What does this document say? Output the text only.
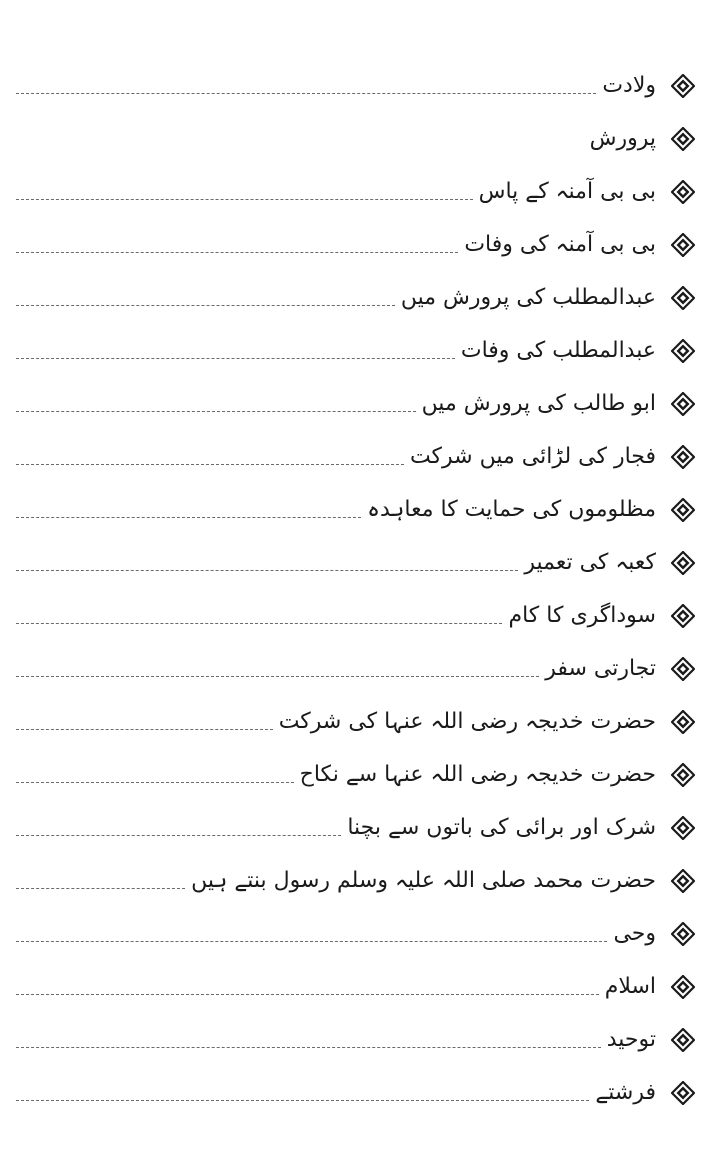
ولادت
پرورش
بی بی آمنہ کے پاس
بی بی آمنہ کی وفات
عبدالمطلب کی پرورش میں
عبدالمطلب کی وفات
ابو طالب کی پرورش میں
فجار کی لڑائی میں شرکت
مظلوموں کی حمایت کا معاہدہ
کعبہ کی تعمیر
سوداگری کا کام
تجارتی سفر
حضرت خدیجہ رضی اللہ عنہا کی شرکت
حضرت خدیجہ رضی اللہ عنہا سے نکاح
شرک اور برائی کی باتوں سے بچنا
حضرت محمد صلی اللہ علیہ وسلم رسول بنتے ہیں
وحی
اسلام
توحید
فرشتے
